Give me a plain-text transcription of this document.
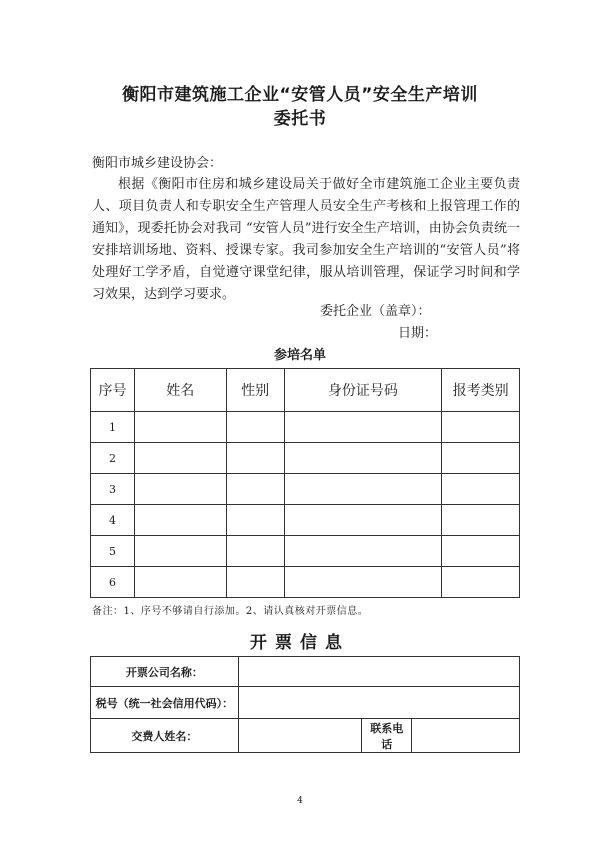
衡阳市建筑施工企业“安管人员”安全生产培训
委托书
衡阳市城乡建设协会：
根据《衡阳市住房和城乡建设局关于做好全市建筑施工企业主要负责人、项目负责人和专职安全生产管理人员安全生产考核和上报管理工作的通知》，现委托协会对我司 “安管人员”进行安全生产培训，由协会负责统一安排培训场地、资料、授课专家。我司参加安全生产培训的“安管人员”将处理好工学矛盾，自觉遵守课堂纪律，服从培训管理，保证学习时间和学习效果，达到学习要求。
委托企业（盖章）：
日期：
参培名单
序号	姓名	性别	身份证号码	报考类别
1				
2				
3				
4				
5				
6				
备注：1、序号不够请自行添加。2、请认真核对开票信息。
开票信息
开票公司名称：			
税号（统一社会信用代码）：			
交费人姓名：		联系电话	
4
